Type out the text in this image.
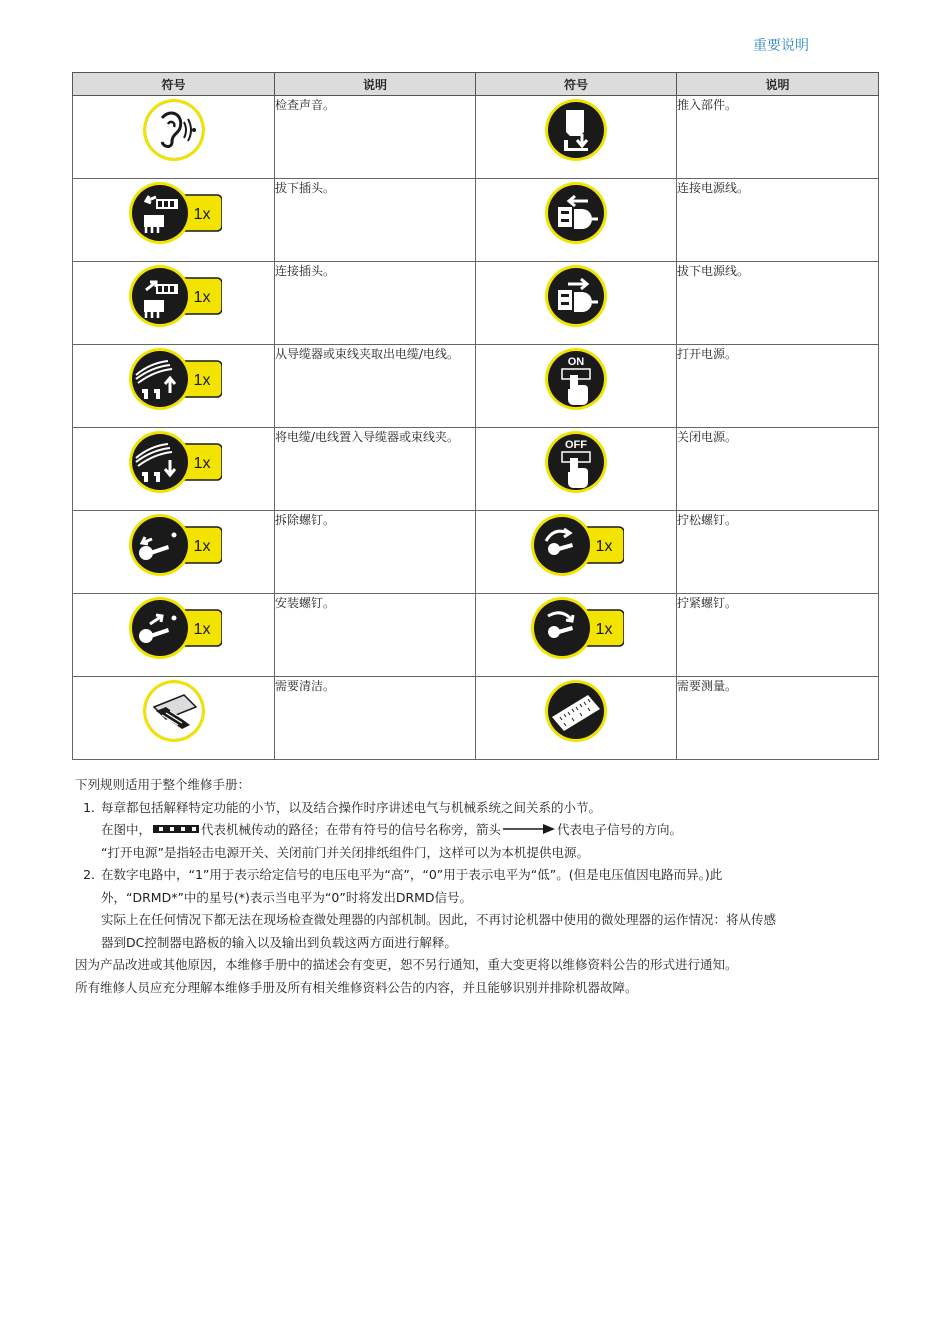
重要说明
符号	说明	符号	说明

	检查声音。		推入部件。

1x	拔下插头。		连接电源线。

1x	连接插头。		拔下电源线。

1x	从导缆器或束线夹取出电缆/电线。	ON	打开电源。

1x	将电缆/电线置入导缆器或束线夹。	OFF	关闭电源。

1x	拆除螺钉。	1x	拧松螺钉。

1x	安装螺钉。	1x	拧紧螺钉。

	需要清洁。		需要测量。

下列规则适用于整个维修手册：

1. 每章都包括解释特定功能的小节，以及结合操作时序讲述电气与机械系统之间关系的小节。

在图中，	代表机械传动的路径；在带有符号的信号名称旁，箭头	代表电子信号的方向。

“打开电源”是指轻击电源开关、关闭前门并关闭排纸组件门，这样可以为本机提供电源。

2. 在数字电路中，“1”用于表示给定信号的电压电平为“高”，“0”用于表示电平为“低”。(但是电压值因电路而异。)此

外，“DRMD*”中的星号(*)表示当电平为“0”时将发出DRMD信号。

实际上在任何情况下都无法在现场检查微处理器的内部机制。因此，不再讨论机器中使用的微处理器的运作情况：将从传感

器到DC控制器电路板的输入以及输出到负载这两方面进行解释。

因为产品改进或其他原因，本维修手册中的描述会有变更，恕不另行通知，重大变更将以维修资料公告的形式进行通知。

所有维修人员应充分理解本维修手册及所有相关维修资料公告的内容，并且能够识别并排除机器故障。
